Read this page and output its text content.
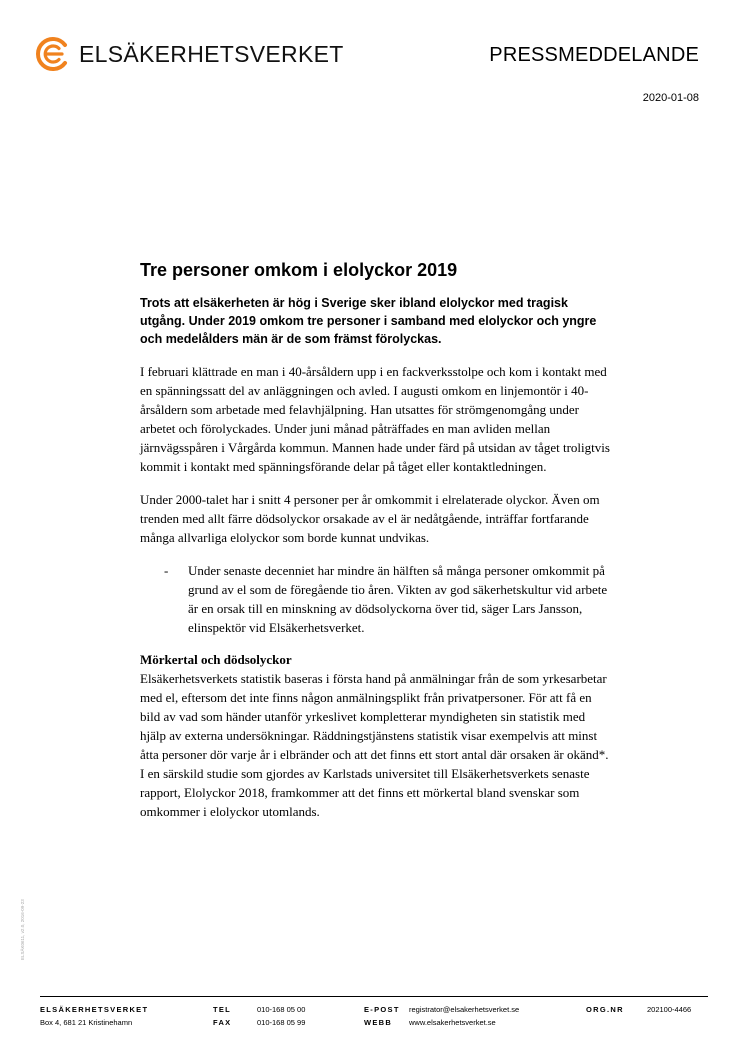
ELSÄKERHETSVERKET	PRESSMEDDELANDE
2020-01-08
Tre personer omkom i elolyckor 2019

Trots att elsäkerheten är hög i Sverige sker ibland elolyckor med tragisk utgång. Under 2019 omkom tre personer i samband med elolyckor och yngre och medelålders män är de som främst förolyckas.

I februari klättrade en man i 40-årsåldern upp i en fackverksstolpe och kom i kontakt med en spänningssatt del av anläggningen och avled. I augusti omkom en linjemontör i 40-årsåldern som arbetade med felavhjälpning. Han utsattes för strömgenomgång under arbetet och förolyckades. Under juni månad påträffades en man avliden mellan järnvägsspåren i Vårgårda kommun. Mannen hade under färd på utsidan av tåget troligtvis kommit i kontakt med spänningsförande delar på tåget eller kontaktledningen.

Under 2000-talet har i snitt 4 personer per år omkommit i elrelaterade olyckor. Även om trenden med allt färre dödsolyckor orsakade av el är nedåtgående, inträffar fortfarande många allvarliga elolyckor som borde kunnat undvikas.

-	Under senaste decenniet har mindre än hälften så många personer omkommit på grund av el som de föregående tio åren. Vikten av god säkerhetskultur vid arbete är en orsak till en minskning av dödsolyckorna över tid, säger Lars Jansson, elinspektör vid Elsäkerhetsverket.

Mörkertal och dödsolyckor

Elsäkerhetsverkets statistik baseras i första hand på anmälningar från de som yrkesarbetar med el, eftersom det inte finns någon anmälningsplikt från privatpersoner. För att få en bild av vad som händer utanför yrkeslivet kompletterar myndigheten sin statistik med hjälp av externa undersökningar. Räddningstjänstens statistik visar exempelvis att minst åtta personer dör varje år i elbränder och att det finns ett stort antal där orsaken är okänd*. I en särskild studie som gjordes av Karlstads universitet till Elsäkerhetsverkets senaste rapport, Elolyckor 2018, framkommer att det finns ett mörkertal bland svenskar som omkommer i elolyckor utomlands.

ELSÄK0611, v2.0, 2016-09-23
ELSÄKERHETSVERKET
Box 4, 681 21 Kristinehamn
TEL	010-168 05 00
FAX	010-168 05 99
E-POST registrator@elsakerhetsverket.se
WEBB www.elsakerhetsverket.se
ORG.NR	202100-4466
